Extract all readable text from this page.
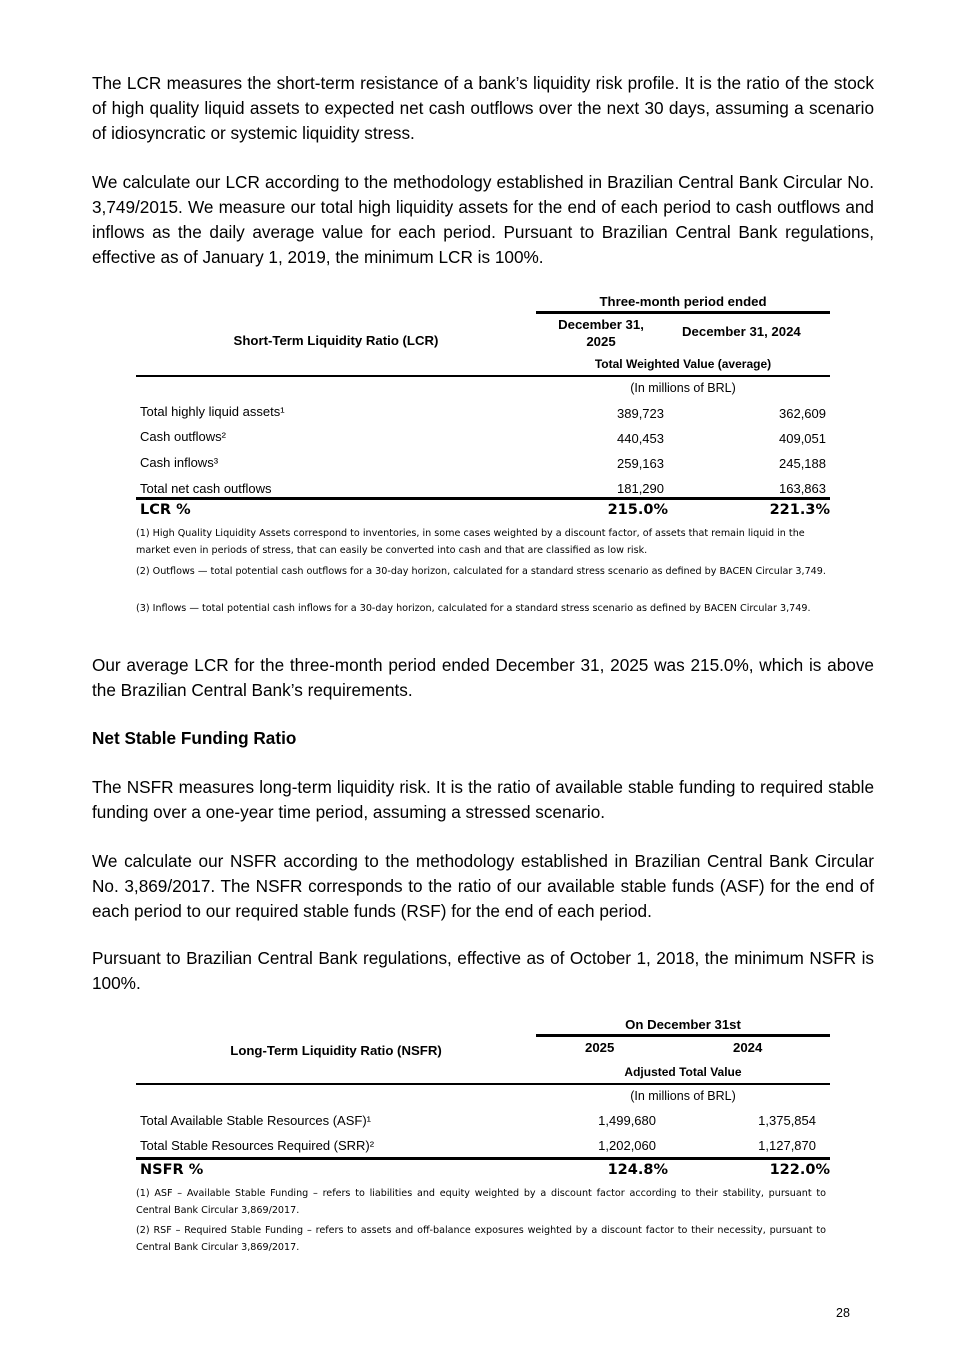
The LCR measures the short-term resistance of a bank’s liquidity risk profile. It is the ratio of the stock of high quality liquid assets to expected net cash outflows over the next 30 days, assuming a scenario of idiosyncratic or systemic liquidity stress.

We calculate our LCR according to the methodology established in Brazilian Central Bank Circular No. 3,749/2015. We measure our total high liquidity assets for the end of each period to cash outflows and inflows as the daily average value for each period. Pursuant to Brazilian Central Bank regulations, effective as of January 1, 2019, the minimum LCR is 100%.

Three-month period ended
Short-Term Liquidity Ratio (LCR)
December 31, 2025
December 31, 2024
Total Weighted Value (average)
(In millions of BRL)
Total highly liquid assets¹	389,723	362,609
Cash outflows²	440,453	409,051
Cash inflows³	259,163	245,188
Total net cash outflows	181,290	163,863
LCR %	215.0%	221.3%

(1) High Quality Liquidity Assets correspond to inventories, in some cases weighted by a discount factor, of assets that remain liquid in the market even in periods of stress, that can easily be converted into cash and that are classified as low risk.

(2) Outflows — total potential cash outflows for a 30-day horizon, calculated for a standard stress scenario as defined by BACEN Circular 3,749.

(3) Inflows — total potential cash inflows for a 30-day horizon, calculated for a standard stress scenario as defined by BACEN Circular 3,749.

Our average LCR for the three-month period ended December 31, 2025 was 215.0%, which is above the Brazilian Central Bank’s requirements.

Net Stable Funding Ratio

The NSFR measures long-term liquidity risk. It is the ratio of available stable funding to required stable funding over a one-year time period, assuming a stressed scenario.

We calculate our NSFR according to the methodology established in Brazilian Central Bank Circular No. 3,869/2017. The NSFR corresponds to the ratio of our available stable funds (ASF) for the end of each period to our required stable funds (RSF) for the end of each period.

Pursuant to Brazilian Central Bank regulations, effective as of October 1, 2018, the minimum NSFR is 100%.

On December 31st
Long-Term Liquidity Ratio (NSFR)	2025	2024
Adjusted Total Value
(In millions of BRL)
Total Available Stable Resources (ASF)¹	1,499,680	1,375,854
Total Stable Resources Required (SRR)²	1,202,060	1,127,870
NSFR %	124.8%	122.0%

(1) ASF – Available Stable Funding – refers to liabilities and equity weighted by a discount factor according to their stability, pursuant to Central Bank Circular 3,869/2017.

(2) RSF – Required Stable Funding – refers to assets and off-balance exposures weighted by a discount factor to their necessity, pursuant to Central Bank Circular 3,869/2017.

28
